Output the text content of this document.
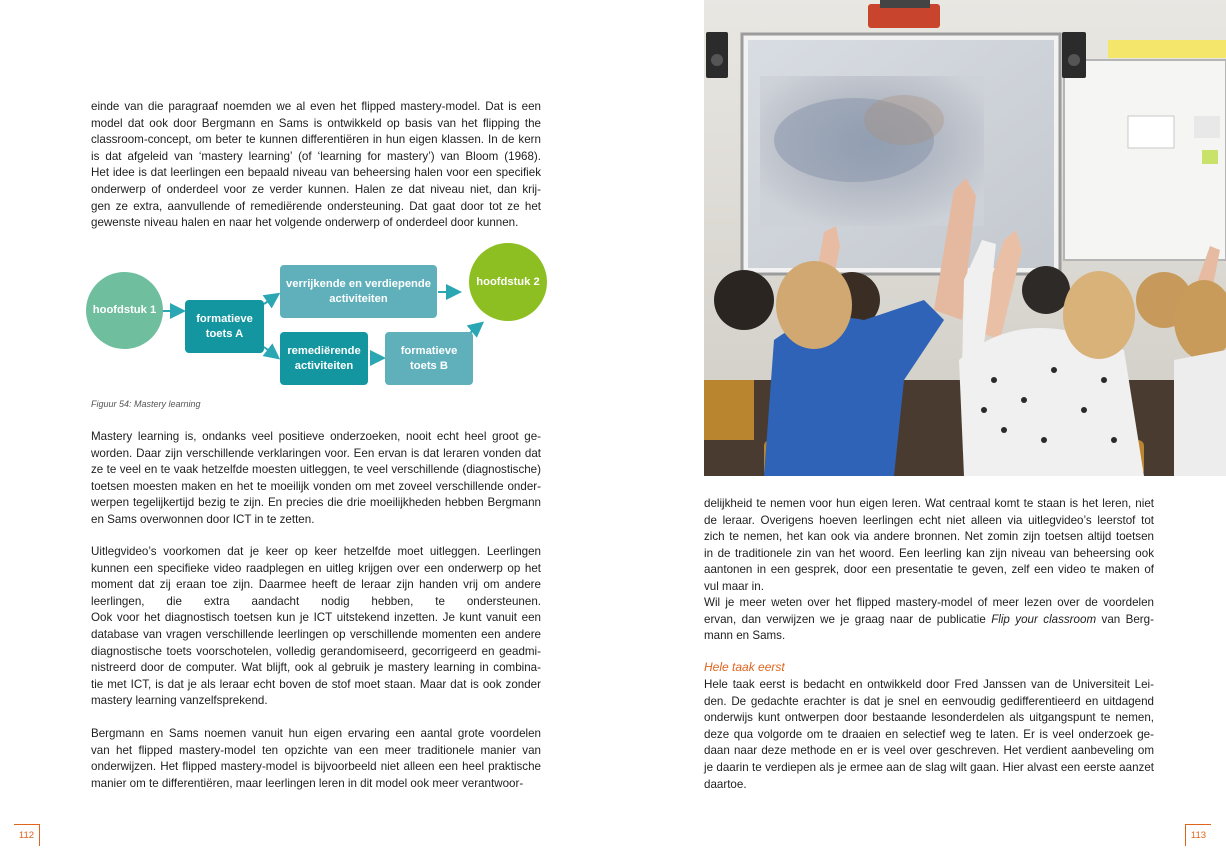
einde van die paragraaf noemden we al even het flipped mastery-model. Dat is een
model dat ook door Bergmann en Sams is ontwikkeld op basis van het flipping the
classroom-concept, om beter te kunnen differentiëren in hun eigen klassen. In de kern
is dat afgeleid van ‘mastery learning’ (of ‘learning for mastery’) van Bloom (1968).
Het idee is dat leerlingen een bepaald niveau van beheersing halen voor een specifiek
onderwerp of onderdeel voor ze verder kunnen. Halen ze dat niveau niet, dan krij-
gen ze extra, aanvullende of remediërende ondersteuning. Dat gaat door tot ze het
gewenste niveau halen en naar het volgende onderwerp of onderdeel door kunnen.
hoofdstuk 1
formatieve toets A
verrijkende en verdiepende activiteiten
remediërende activiteiten
formatieve toets B
hoofdstuk 2
Figuur 54: Mastery learning
Mastery learning is, ondanks veel positieve onderzoeken, nooit echt heel groot ge-
worden. Daar zijn verschillende verklaringen voor. Een ervan is dat leraren vonden dat
ze te veel en te vaak hetzelfde moesten uitleggen, te veel verschillende (diagnostische)
toetsen moesten maken en het te moeilijk vonden om met zoveel verschillende onder-
werpen tegelijkertijd bezig te zijn. En precies die drie moeilijkheden hebben Bergmann
en Sams overwonnen door ICT in te zetten.
Uitlegvideo’s voorkomen dat je keer op keer hetzelfde moet uitleggen. Leerlingen
kunnen een specifieke video raadplegen en uitleg krijgen over een onderwerp op het
moment dat zij eraan toe zijn. Daarmee heeft de leraar zijn handen vrij om andere
leerlingen, die extra aandacht nodig hebben, te ondersteunen.
Ook voor het diagnostisch toetsen kun je ICT uitstekend inzetten. Je kunt vanuit een
database van vragen verschillende leerlingen op verschillende momenten een andere
diagnostische toets voorschotelen, volledig gerandomiseerd, gecorrigeerd en geadmi-
nistreerd door de computer. Wat blijft, ook al gebruik je mastery learning in combina-
tie met ICT, is dat je als leraar echt boven de stof moet staan. Maar dat is ook zonder
mastery learning vanzelfsprekend.
Bergmann en Sams noemen vanuit hun eigen ervaring een aantal grote voordelen
van het flipped mastery-model ten opzichte van een meer traditionele manier van
onderwijzen. Het flipped mastery-model is bijvoorbeeld niet alleen een heel praktische
manier om te differentiëren, maar leerlingen leren in dit model ook meer verantwoor-
112
delijkheid te nemen voor hun eigen leren. Wat centraal komt te staan is het leren, niet
de leraar. Overigens hoeven leerlingen echt niet alleen via uitlegvideo’s leerstof tot
zich te nemen, het kan ook via andere bronnen. Net zomin zijn toetsen altijd toetsen
in de traditionele zin van het woord. Een leerling kan zijn niveau van beheersing ook
aantonen in een gesprek, door een presentatie te geven, zelf een video te maken of
vul maar in.
Wil je meer weten over het flipped mastery-model of meer lezen over de voordelen
ervan, dan verwijzen we je graag naar de publicatie Flip your classroom van Berg-
mann en Sams.
Hele taak eerst
Hele taak eerst is bedacht en ontwikkeld door Fred Janssen van de Universiteit Lei-
den. De gedachte erachter is dat je snel en eenvoudig gedifferentieerd en uitdagend
onderwijs kunt ontwerpen door bestaande lesonderdelen als uitgangspunt te nemen,
deze qua volgorde om te draaien en selectief weg te laten. Er is veel onderzoek ge-
daan naar deze methode en er is veel over geschreven. Het verdient aanbeveling om
je daarin te verdiepen als je ermee aan de slag wilt gaan. Hier alvast een eerste aanzet
daartoe.
113
